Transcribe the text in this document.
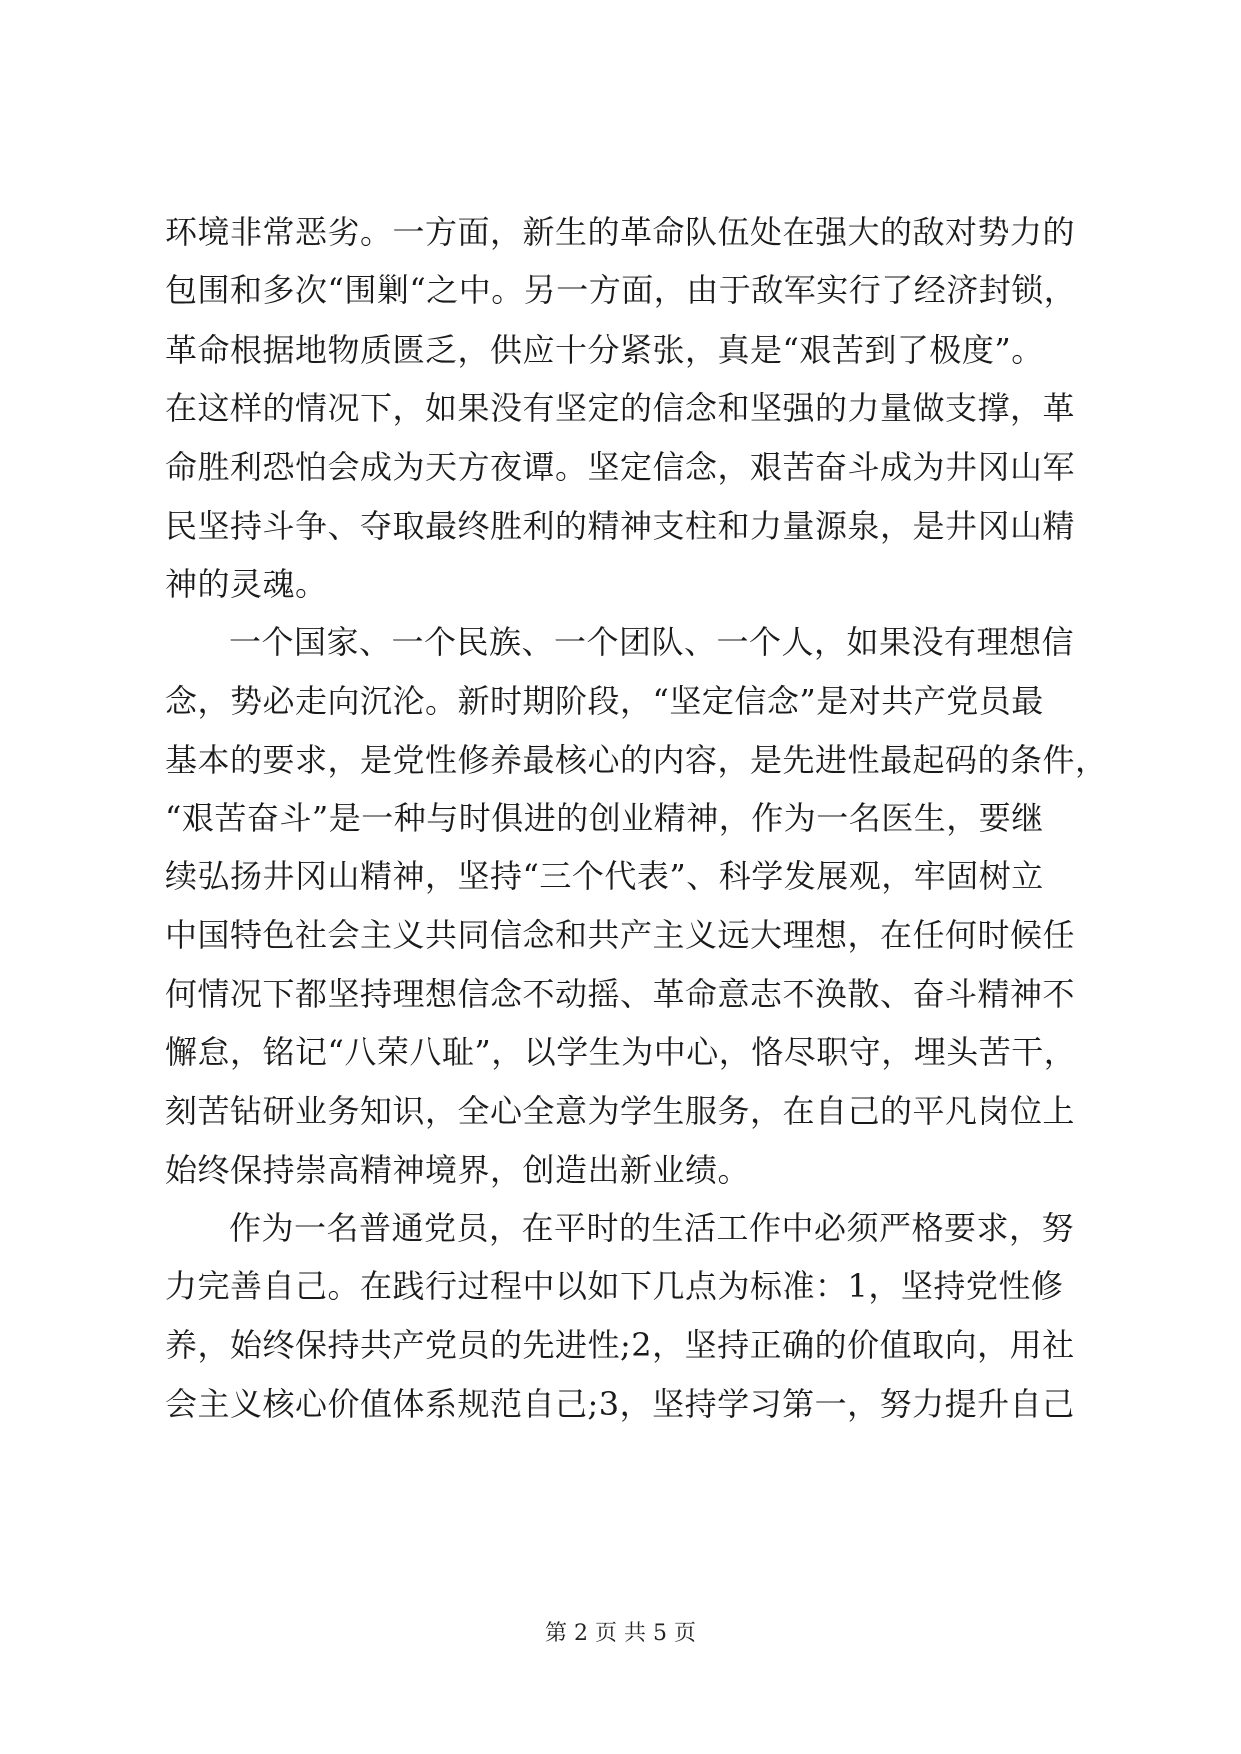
环境非常恶劣。一方面，新生的革命队伍处在强大的敌对势力的
包围和多次“围剿“之中。另一方面，由于敌军实行了经济封锁，
革命根据地物质匮乏，供应十分紧张，真是“艰苦到了极度”。
在这样的情况下，如果没有坚定的信念和坚强的力量做支撑，革
命胜利恐怕会成为天方夜谭。坚定信念，艰苦奋斗成为井冈山军
民坚持斗争、夺取最终胜利的精神支柱和力量源泉，是井冈山精
神的灵魂。
一个国家、一个民族、一个团队、一个人，如果没有理想信
念，势必走向沉沦。新时期阶段，“坚定信念”是对共产党员最
基本的要求，是党性修养最核心的内容，是先进性最起码的条件，
“艰苦奋斗”是一种与时俱进的创业精神，作为一名医生，要继
续弘扬井冈山精神，坚持“三个代表”、科学发展观，牢固树立
中国特色社会主义共同信念和共产主义远大理想，在任何时候任
何情况下都坚持理想信念不动摇、革命意志不涣散、奋斗精神不
懈怠，铭记“八荣八耻”，以学生为中心，恪尽职守，埋头苦干，
刻苦钻研业务知识，全心全意为学生服务，在自己的平凡岗位上
始终保持崇高精神境界，创造出新业绩。
作为一名普通党员，在平时的生活工作中必须严格要求，努
力完善自己。在践行过程中以如下几点为标准：1，坚持党性修
养，始终保持共产党员的先进性;2，坚持正确的价值取向，用社
会主义核心价值体系规范自己;3，坚持学习第一，努力提升自己
第 2 页 共 5 页
